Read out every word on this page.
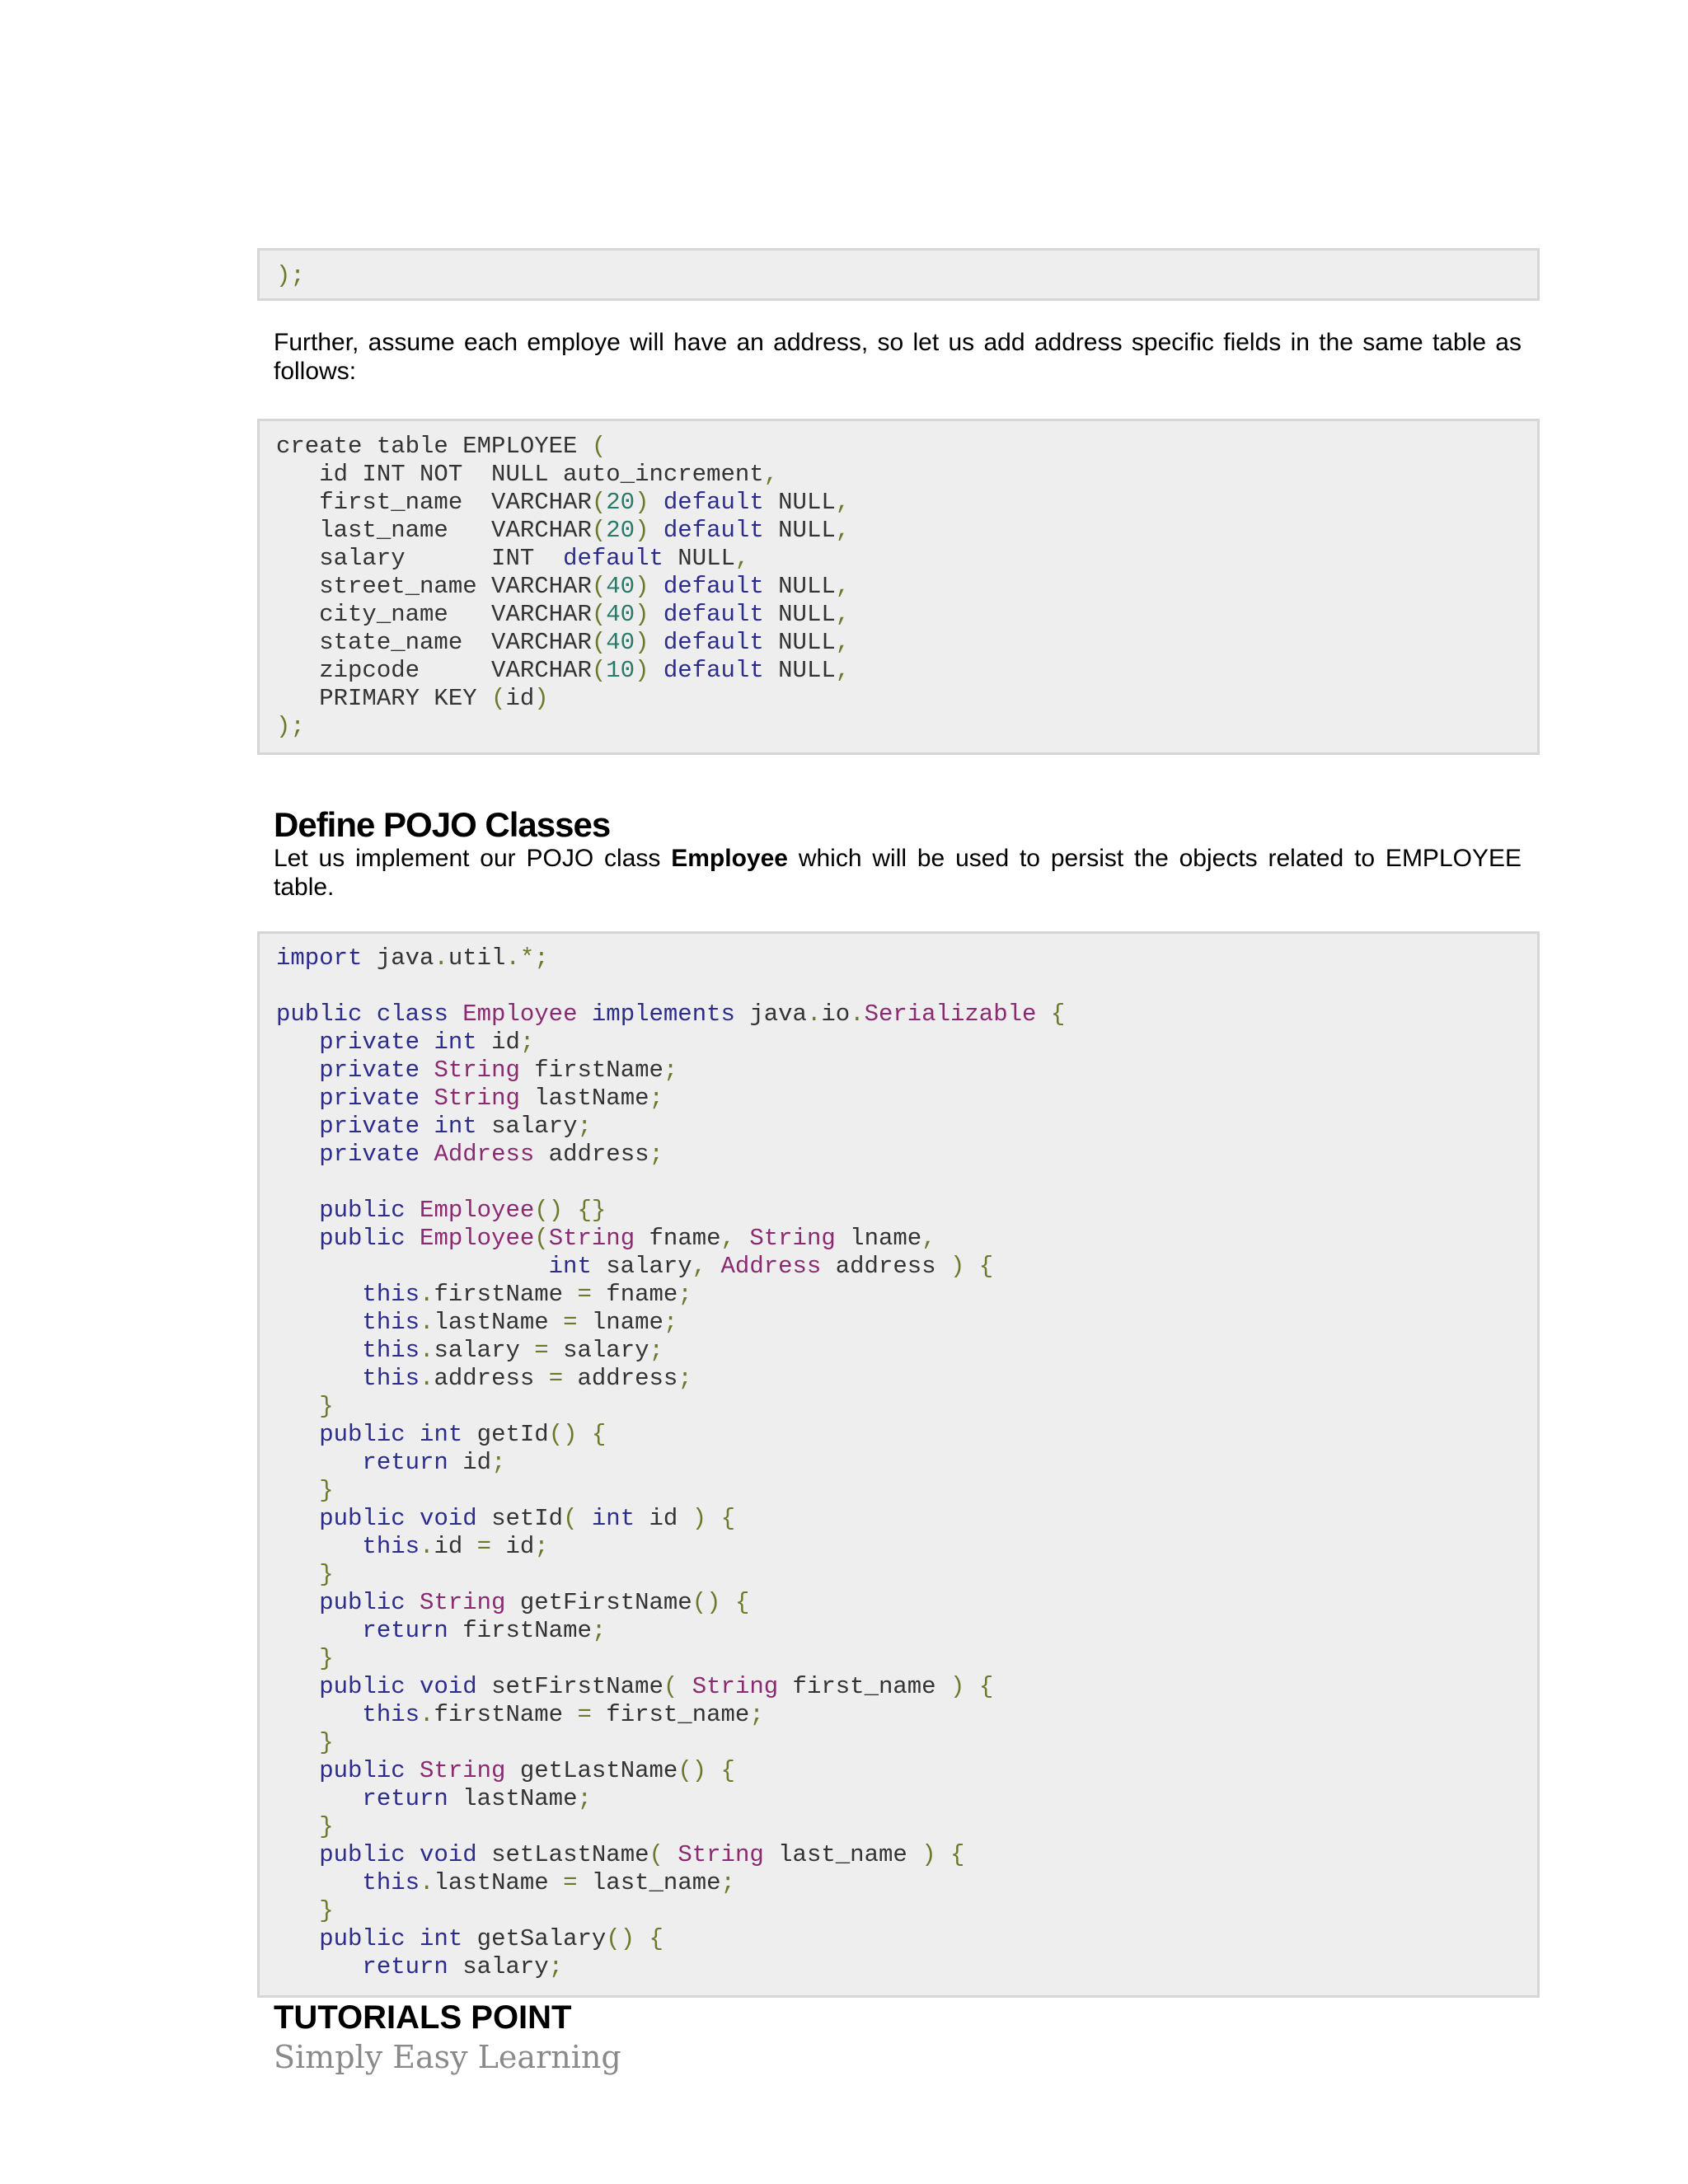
);

Further, assume each employe will have an address, so let us add address specific fields in the same table as follows:

create table EMPLOYEE (
id INT NOT  NULL auto_increment,
first_name  VARCHAR(20) default NULL,
last_name   VARCHAR(20) default NULL,
salary      INT  default NULL,
street_name VARCHAR(40) default NULL,
city_name   VARCHAR(40) default NULL,
state_name  VARCHAR(40) default NULL,
zipcode     VARCHAR(10) default NULL,
PRIMARY KEY (id)
);
Define POJO Classes

Let us implement our POJO class Employee which will be used to persist the objects related to EMPLOYEE table.

import java.util.*;

public class Employee implements java.io.Serializable {
private int id;
private String firstName;
private String lastName;
private int salary;
private Address address;

public Employee() {}
public Employee(String fname, String lname,
int salary, Address address ) {
this.firstName = fname;
this.lastName = lname;
this.salary = salary;
this.address = address;
}
public int getId() {
return id;
}
public void setId( int id ) {
this.id = id;
}
public String getFirstName() {
return firstName;
}
public void setFirstName( String first_name ) {
this.firstName = first_name;
}
public String getLastName() {
return lastName;
}
public void setLastName( String last_name ) {
this.lastName = last_name;
}
public int getSalary() {
return salary;
TUTORIALS POINT
Simply Easy Learning
